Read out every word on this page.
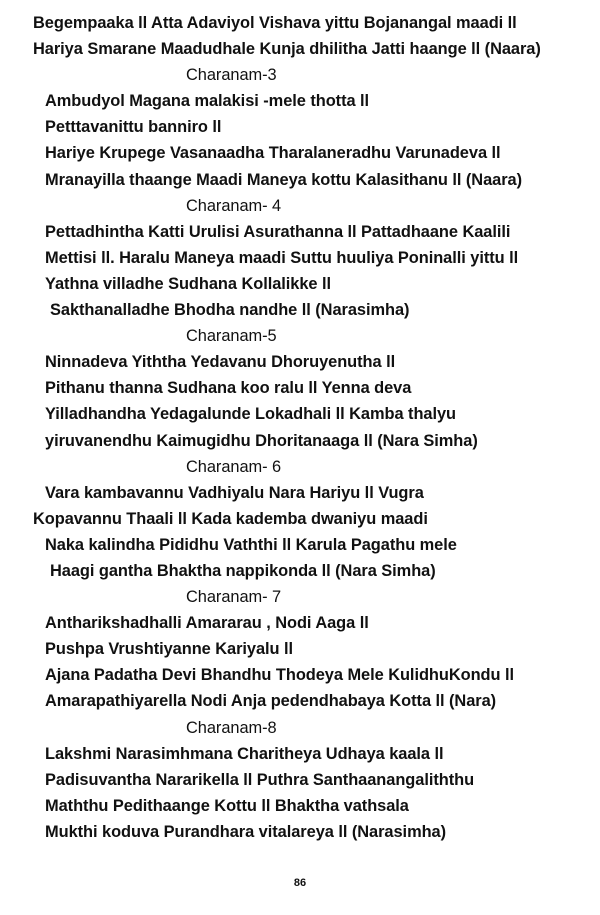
Begempaaka ll Atta Adaviyol Vishava yittu Bojanangal maadi ll
Hariya Smarane Maadudhale Kunja dhilitha Jatti haange ll (Naara)
Charanam-3
Ambudyol Magana malakisi -mele thotta ll
Petttavanittu banniro ll
Hariye Krupege Vasanaadha Tharalaneradhu Varunadeva ll
Mranayilla thaange Maadi Maneya kottu Kalasithanu ll (Naara)
Charanam- 4
Pettadhintha Katti Urulisi Asurathanna ll Pattadhaane Kaalili
Mettisi ll. Haralu Maneya maadi Suttu huuliya Poninalli yittu ll
Yathna villadhe Sudhana Kollalikke ll
Sakthanalladhe Bhodha nandhe ll (Narasimha)
Charanam-5
Ninnadeva Yiththa Yedavanu Dhoruyenutha ll
Pithanu thanna Sudhana koo ralu ll Yenna deva
Yilladhandha Yedagalunde Lokadhali ll Kamba thalyu
yiruvanendhu Kaimugidhu Dhoritanaaga ll (Nara Simha)
Charanam- 6
Vara kambavannu Vadhiyalu Nara Hariyu ll Vugra
Kopavannu Thaali ll Kada kademba dwaniyu maadi
Naka kalindha Pididhu Vaththi ll Karula Pagathu mele
Haagi gantha Bhaktha nappikonda ll (Nara Simha)
Charanam- 7
Antharikshadhalli Amararau , Nodi Aaga ll
Pushpa Vrushtiyanne Kariyalu ll
Ajana Padatha Devi Bhandhu Thodeya Mele KulidhuKondu ll
Amarapathiyarella Nodi Anja pedendhabaya Kotta ll (Nara)
Charanam-8
Lakshmi Narasimhmana Charitheya Udhaya kaala ll
Padisuvantha Nararikella ll Puthra Santhaanangaliththu
Maththu Pedithaange Kottu ll Bhaktha vathsala
Mukthi koduva Purandhara vitalareya ll (Narasimha)
86
